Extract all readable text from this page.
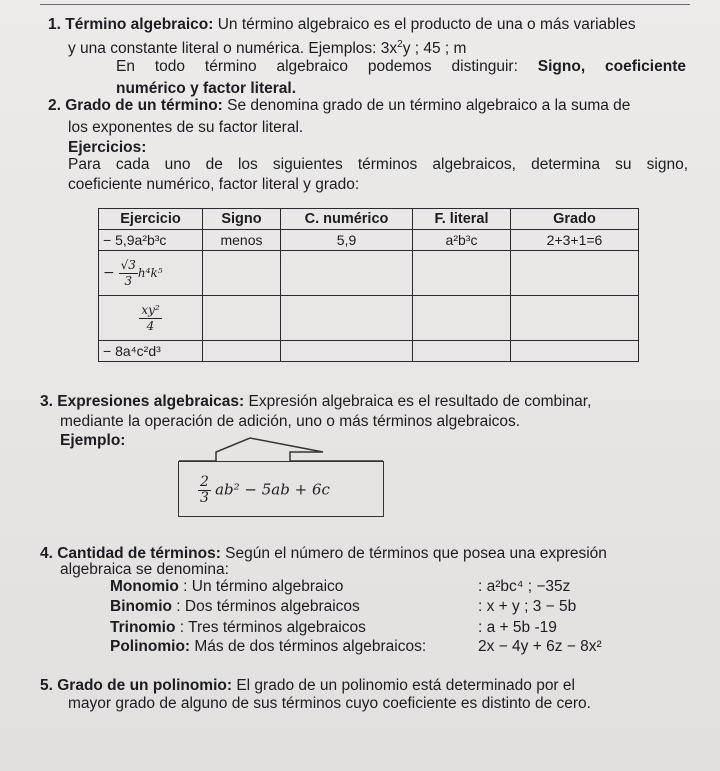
1. Término algebraico: Un término algebraico es el producto de una o más variables
y una constante literal o numérica. Ejemplos: $3x^2y$ ; 45 ; m
En todo término algebraico podemos distinguir: Signo, coeficiente
numérico y factor literal.
2. Grado de un término: Se denomina grado de un término algebraico a la suma de
los exponentes de su factor literal.
Ejercicios:
Para cada uno de los siguientes términos algebraicos, determina su signo,
coeficiente numérico, factor literal y grado:
Ejercicio	Signo	C. numérico	F. literal	Grado
− 5,9a²b³c	menos	5,9	a²b³c	2+3+1=6
− $\frac{√3}{3} h^4k^5$				

$\frac{\text{xy²}}{4}$

− 8a⁴c²d³				
3. Expresiones algebraicas: Expresión algebraica es el resultado de combinar,
mediante la operación de adición, uno o más términos algebraicos.
Ejemplo:
$\frac{2}{3} ab^2 - 5ab + 6c$
4. Cantidad de términos: Según el número de términos que posea una expresión
algebraica se denomina:
Monomio : Un término algebraico	: a²bc⁴ ; −35z
Binomio : Dos términos algebraicos	: x + y ; 3 − 5b
Trinomio : Tres términos algebraicos	: a + 5b -19
Polinomio: Más de dos términos algebraicos:	2x − 4y + 6z − 8x²
5. Grado de un polinomio: El grado de un polinomio está determinado por el
mayor grado de alguno de sus términos cuyo coeficiente es distinto de cero.
